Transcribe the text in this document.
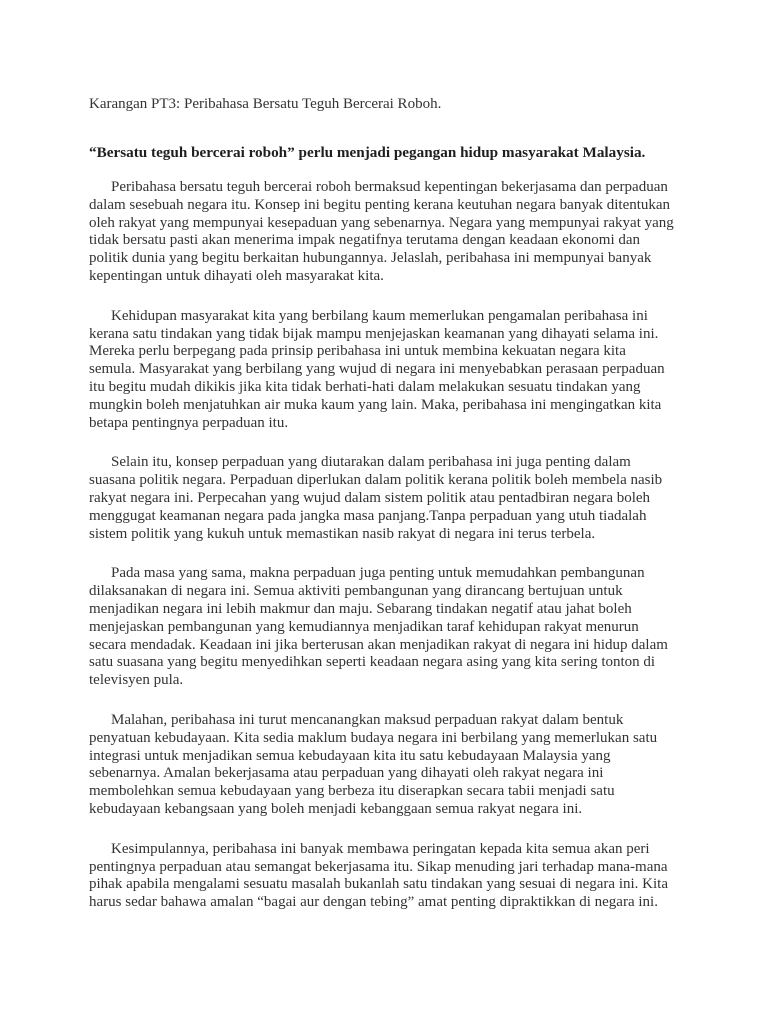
Karangan PT3: Peribahasa Bersatu Teguh Bercerai Roboh.
“Bersatu teguh bercerai roboh” perlu menjadi pegangan hidup masyarakat Malaysia.

Peribahasa bersatu teguh bercerai roboh bermaksud kepentingan bekerjasama dan perpaduan
dalam sesebuah negara itu. Konsep ini begitu penting kerana keutuhan negara banyak ditentukan
oleh rakyat yang mempunyai kesepaduan yang sebenarnya. Negara yang mempunyai rakyat yang
tidak bersatu pasti akan menerima impak negatifnya terutama dengan keadaan ekonomi dan
politik dunia yang begitu berkaitan hubungannya. Jelaslah, peribahasa ini mempunyai banyak
kepentingan untuk dihayati oleh masyarakat kita.

Kehidupan masyarakat kita yang berbilang kaum memerlukan pengamalan peribahasa ini
kerana satu tindakan yang tidak bijak mampu menjejaskan keamanan yang dihayati selama ini.
Mereka perlu berpegang pada prinsip peribahasa ini untuk membina kekuatan negara kita
semula. Masyarakat yang berbilang yang wujud di negara ini menyebabkan perasaan perpaduan
itu begitu mudah dikikis jika kita tidak berhati-hati dalam melakukan sesuatu tindakan yang
mungkin boleh menjatuhkan air muka kaum yang lain. Maka, peribahasa ini mengingatkan kita
betapa pentingnya perpaduan itu.

Selain itu, konsep perpaduan yang diutarakan dalam peribahasa ini juga penting dalam
suasana politik negara. Perpaduan diperlukan dalam politik kerana politik boleh membela nasib
rakyat negara ini. Perpecahan yang wujud dalam sistem politik atau pentadbiran negara boleh
menggugat keamanan negara pada jangka masa panjang.Tanpa perpaduan yang utuh tiadalah
sistem politik yang kukuh untuk memastikan nasib rakyat di negara ini terus terbela.

Pada masa yang sama, makna perpaduan juga penting untuk memudahkan pembangunan
dilaksanakan di negara ini. Semua aktiviti pembangunan yang dirancang bertujuan untuk
menjadikan negara ini lebih makmur dan maju. Sebarang tindakan negatif atau jahat boleh
menjejaskan pembangunan yang kemudiannya menjadikan taraf kehidupan rakyat menurun
secara mendadak. Keadaan ini jika berterusan akan menjadikan rakyat di negara ini hidup dalam
satu suasana yang begitu menyedihkan seperti keadaan negara asing yang kita sering tonton di
televisyen pula.

Malahan, peribahasa ini turut mencanangkan maksud perpaduan rakyat dalam bentuk
penyatuan kebudayaan. Kita sedia maklum budaya negara ini berbilang yang memerlukan satu
integrasi untuk menjadikan semua kebudayaan kita itu satu kebudayaan Malaysia yang
sebenarnya. Amalan bekerjasama atau perpaduan yang dihayati oleh rakyat negara ini
membolehkan semua kebudayaan yang berbeza itu diserapkan secara tabii menjadi satu
kebudayaan kebangsaan yang boleh menjadi kebanggaan semua rakyat negara ini.

Kesimpulannya, peribahasa ini banyak membawa peringatan kepada kita semua akan peri
pentingnya perpaduan atau semangat bekerjasama itu. Sikap menuding jari terhadap mana-mana
pihak apabila mengalami sesuatu masalah bukanlah satu tindakan yang sesuai di negara ini. Kita
harus sedar bahawa amalan “bagai aur dengan tebing” amat penting dipraktikkan di negara ini.
